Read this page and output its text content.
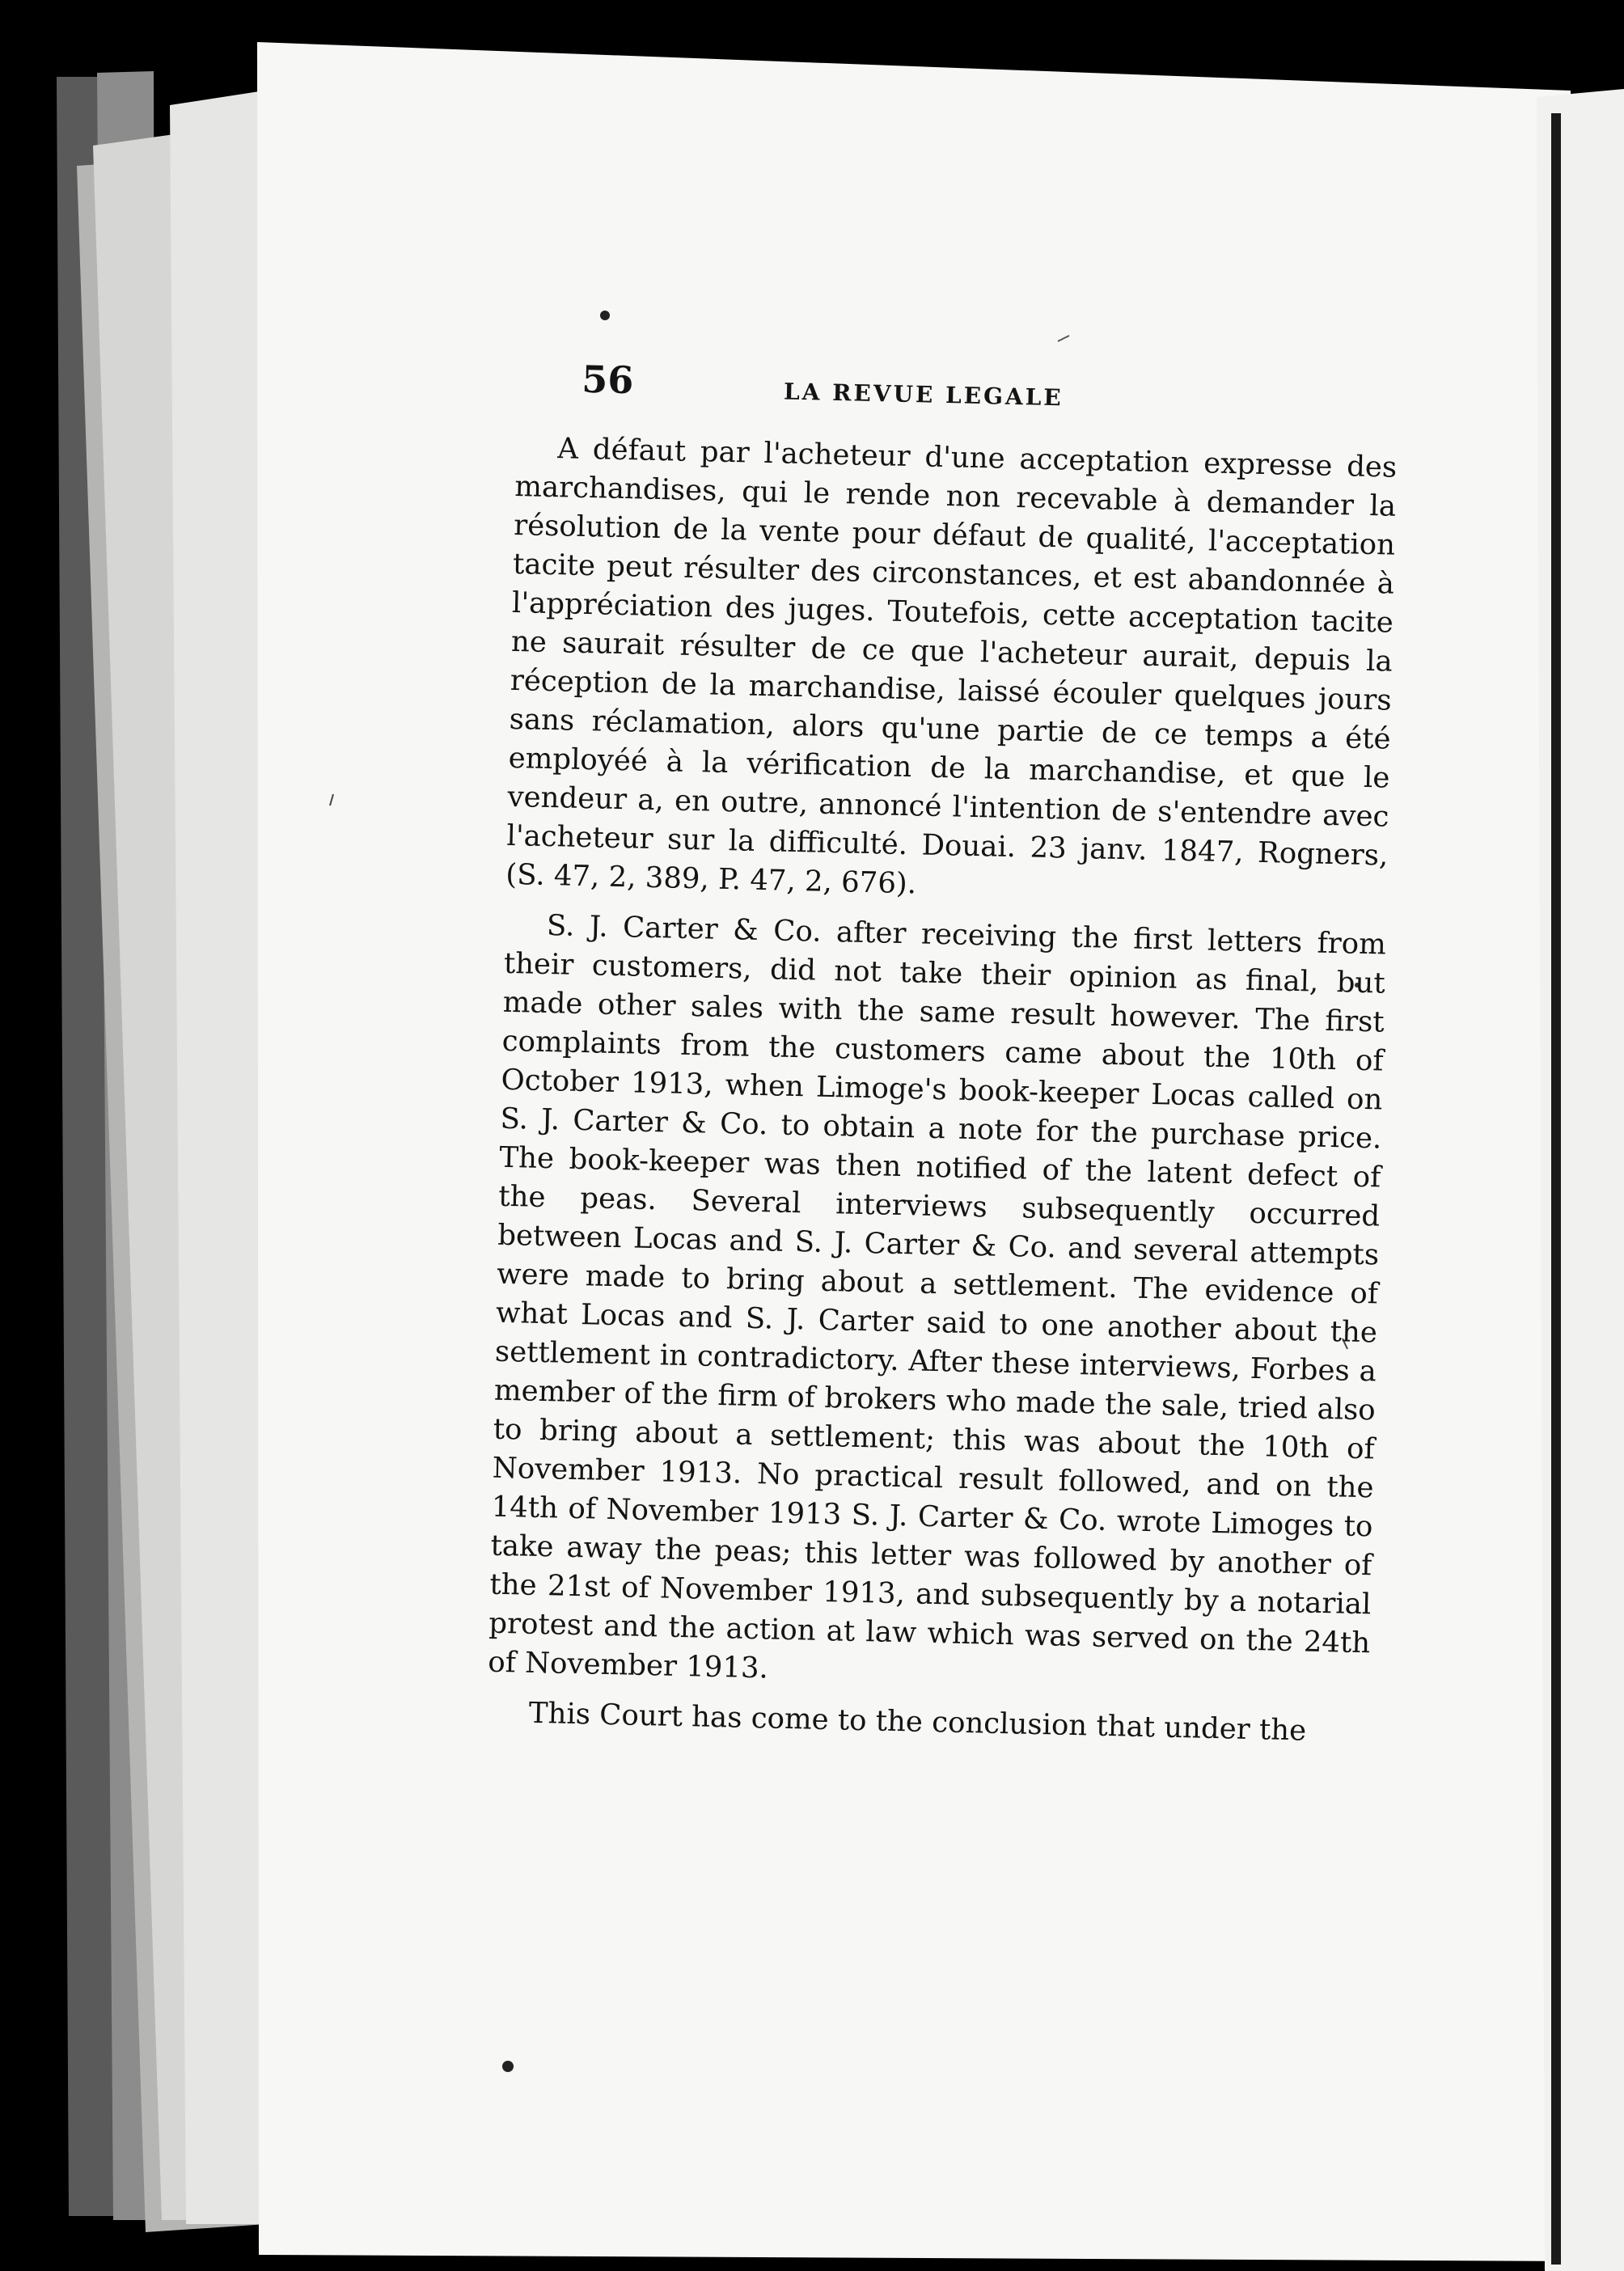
56	LA REVUE LEGALE

A défaut par l'acheteur d'une acceptation expresse des marchandises, qui le rende non recevable à demander la résolution de la vente pour défaut de qualité, l'acceptation tacite peut résulter des circonstances, et est abandonnée à l'appréciation des juges. Toutefois, cette acceptation tacite ne saurait résulter de ce que l'acheteur aurait, depuis la réception de la marchandise, laissé écouler quelques jours sans réclamation, alors qu'une partie de ce temps a été employéé à la vérification de la marchandise, et que le vendeur a, en outre, annoncé l'intention de s'entendre avec l'acheteur sur la difficulté. Douai. 23 janv. 1847, Rogners, (S. 47, 2, 389, P. 47, 2, 676).

S. J. Carter & Co. after receiving the first letters from their customers, did not take their opinion as final, but made other sales with the same result however. The first complaints from the customers came about the 10th of October 1913, when Limoge's book-keeper Locas called on S. J. Carter & Co. to obtain a note for the purchase price. The book-keeper was then notified of the latent defect of the peas. Several interviews subsequently occurred between Locas and S. J. Carter & Co. and several attempts were made to bring about a settlement. The evidence of what Locas and S. J. Carter said to one another about the settlement in contradictory. After these interviews, Forbes a member of the firm of brokers who made the sale, tried also to bring about a settlement; this was about the 10th of November 1913. No practical result followed, and on the 14th of November 1913 S. J. Carter & Co. wrote Limoges to take away the peas; this letter was followed by another of the 21st of November 1913, and subsequently by a notarial protest and the action at law which was served on the 24th of November 1913.

This Court has come to the conclusion that under the
